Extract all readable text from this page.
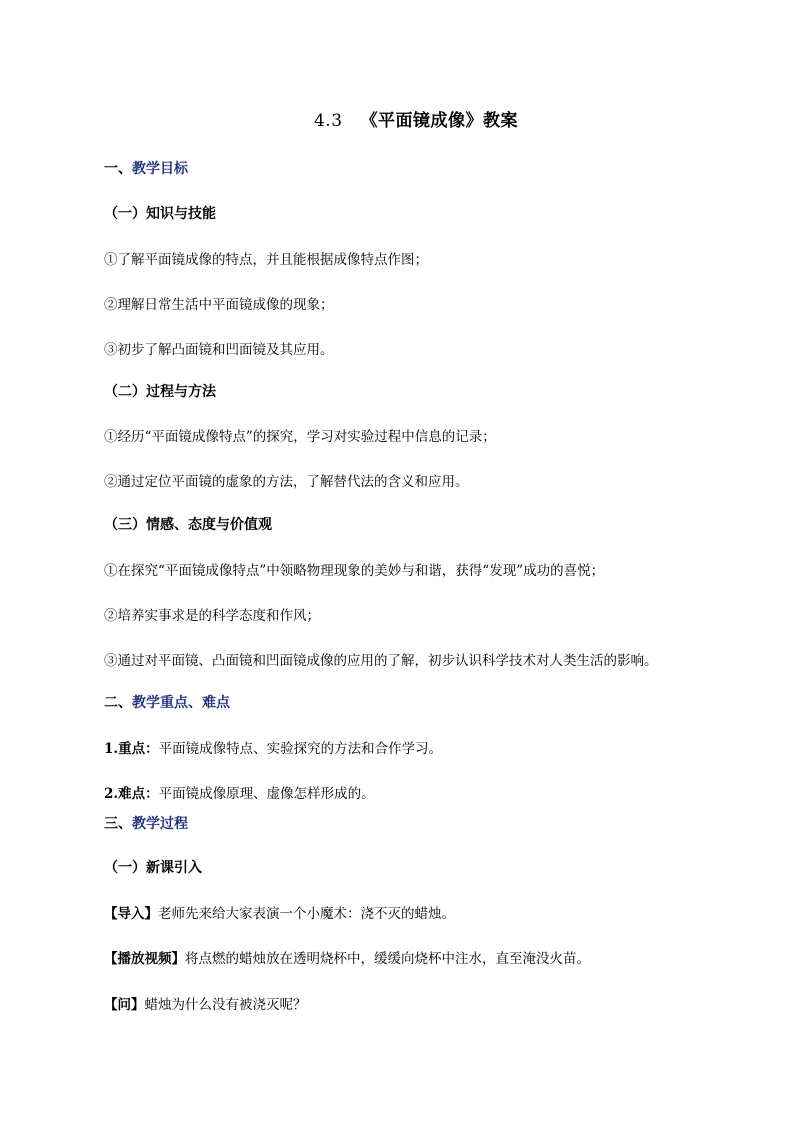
4.3 《平面镜成像》教案
一、教学目标
（一）知识与技能
①了解平面镜成像的特点，并且能根据成像特点作图；
②理解日常生活中平面镜成像的现象；
③初步了解凸面镜和凹面镜及其应用。
（二）过程与方法
①经历“平面镜成像特点”的探究，学习对实验过程中信息的记录；
②通过定位平面镜的虚象的方法，了解替代法的含义和应用。
（三）情感、态度与价值观
①在探究“平面镜成像特点”中领略物理现象的美妙与和谐，获得“发现”成功的喜悦；
②培养实事求是的科学态度和作风；
③通过对平面镜、凸面镜和凹面镜成像的应用的了解，初步认识科学技术对人类生活的影响。
二、教学重点、难点
1.重点：平面镜成像特点、实验探究的方法和合作学习。
2.难点：平面镜成像原理、虚像怎样形成的。
三、教学过程
（一）新课引入
【导入】老师先来给大家表演一个小魔术：浇不灭的蜡烛。
【播放视频】将点燃的蜡烛放在透明烧杯中，缓缓向烧杯中注水，直至淹没火苗。
【问】蜡烛为什么没有被浇灭呢？
